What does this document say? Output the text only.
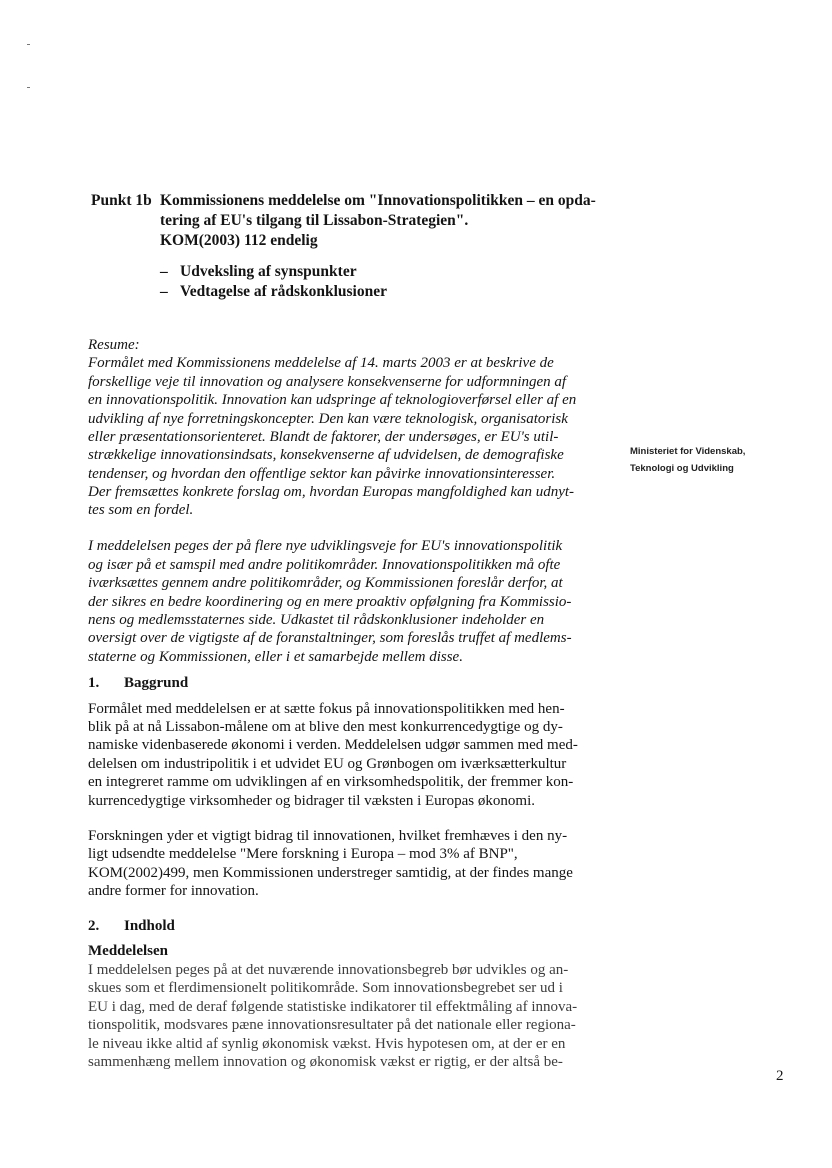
Punkt 1b Kommissionens meddelelse om "Innovationspolitikken – en opda-
tering af EU's tilgang til Lissabon-Strategien".
KOM(2003) 112 endelig
– Udveksling af synspunkter
– Vedtagelse af rådskonklusioner
Ministeriet for Videnskab,
Teknologi og Udvikling
Resume:
Formålet med Kommissionens meddelelse af 14. marts 2003 er at beskrive de
forskellige veje til innovation og analysere konsekvenserne for udformningen af
en innovationspolitik. Innovation kan udspringe af teknologioverførsel eller af en
udvikling af nye forretningskoncepter. Den kan være teknologisk, organisatorisk
eller præsentationsorienteret. Blandt de faktorer, der undersøges, er EU's util-
strækkelige innovationsindsats, konsekvenserne af udvidelsen, de demografiske
tendenser, og hvordan den offentlige sektor kan påvirke innovationsinteresser.
Der fremsættes konkrete forslag om, hvordan Europas mangfoldighed kan udnyt-
tes som en fordel.
I meddelelsen peges der på flere nye udviklingsveje for EU's innovationspolitik
og især på et samspil med andre politikområder. Innovationspolitikken må ofte
iværksættes gennem andre politikområder, og Kommissionen foreslår derfor, at
der sikres en bedre koordinering og en mere proaktiv opfølgning fra Kommissio-
nens og medlemsstaternes side. Udkastet til rådskonklusioner indeholder en
oversigt over de vigtigste af de foranstaltninger, som foreslås truffet af medlems-
staterne og Kommissionen, eller i et samarbejde mellem disse.
1. Baggrund
Formålet med meddelelsen er at sætte fokus på innovationspolitikken med hen-
blik på at nå Lissabon-målene om at blive den mest konkurrencedygtige og dy-
namiske videnbaserede økonomi i verden. Meddelelsen udgør sammen med med-
delelsen om industripolitik i et udvidet EU og Grønbogen om iværksætterkultur
en integreret ramme om udviklingen af en virksomhedspolitik, der fremmer kon-
kurrencedygtige virksomheder og bidrager til væksten i Europas økonomi.
Forskningen yder et vigtigt bidrag til innovationen, hvilket fremhæves i den ny-
ligt udsendte meddelelse "Mere forskning i Europa – mod 3% af BNP",
KOM(2002)499, men Kommissionen understreger samtidig, at der findes mange
andre former for innovation.
2. Indhold
Meddelelsen
I meddelelsen peges på at det nuværende innovationsbegreb bør udvikles og an-
skues som et flerdimensionelt politikområde. Som innovationsbegrebet ser ud i
EU i dag, med de deraf følgende statistiske indikatorer til effektmåling af innova-
tionspolitik, modsvares pæne innovationsresultater på det nationale eller regiona-
le niveau ikke altid af synlig økonomisk vækst. Hvis hypotesen om, at der er en
sammenhæng mellem innovation og økonomisk vækst er rigtig, er der altså be-
2
